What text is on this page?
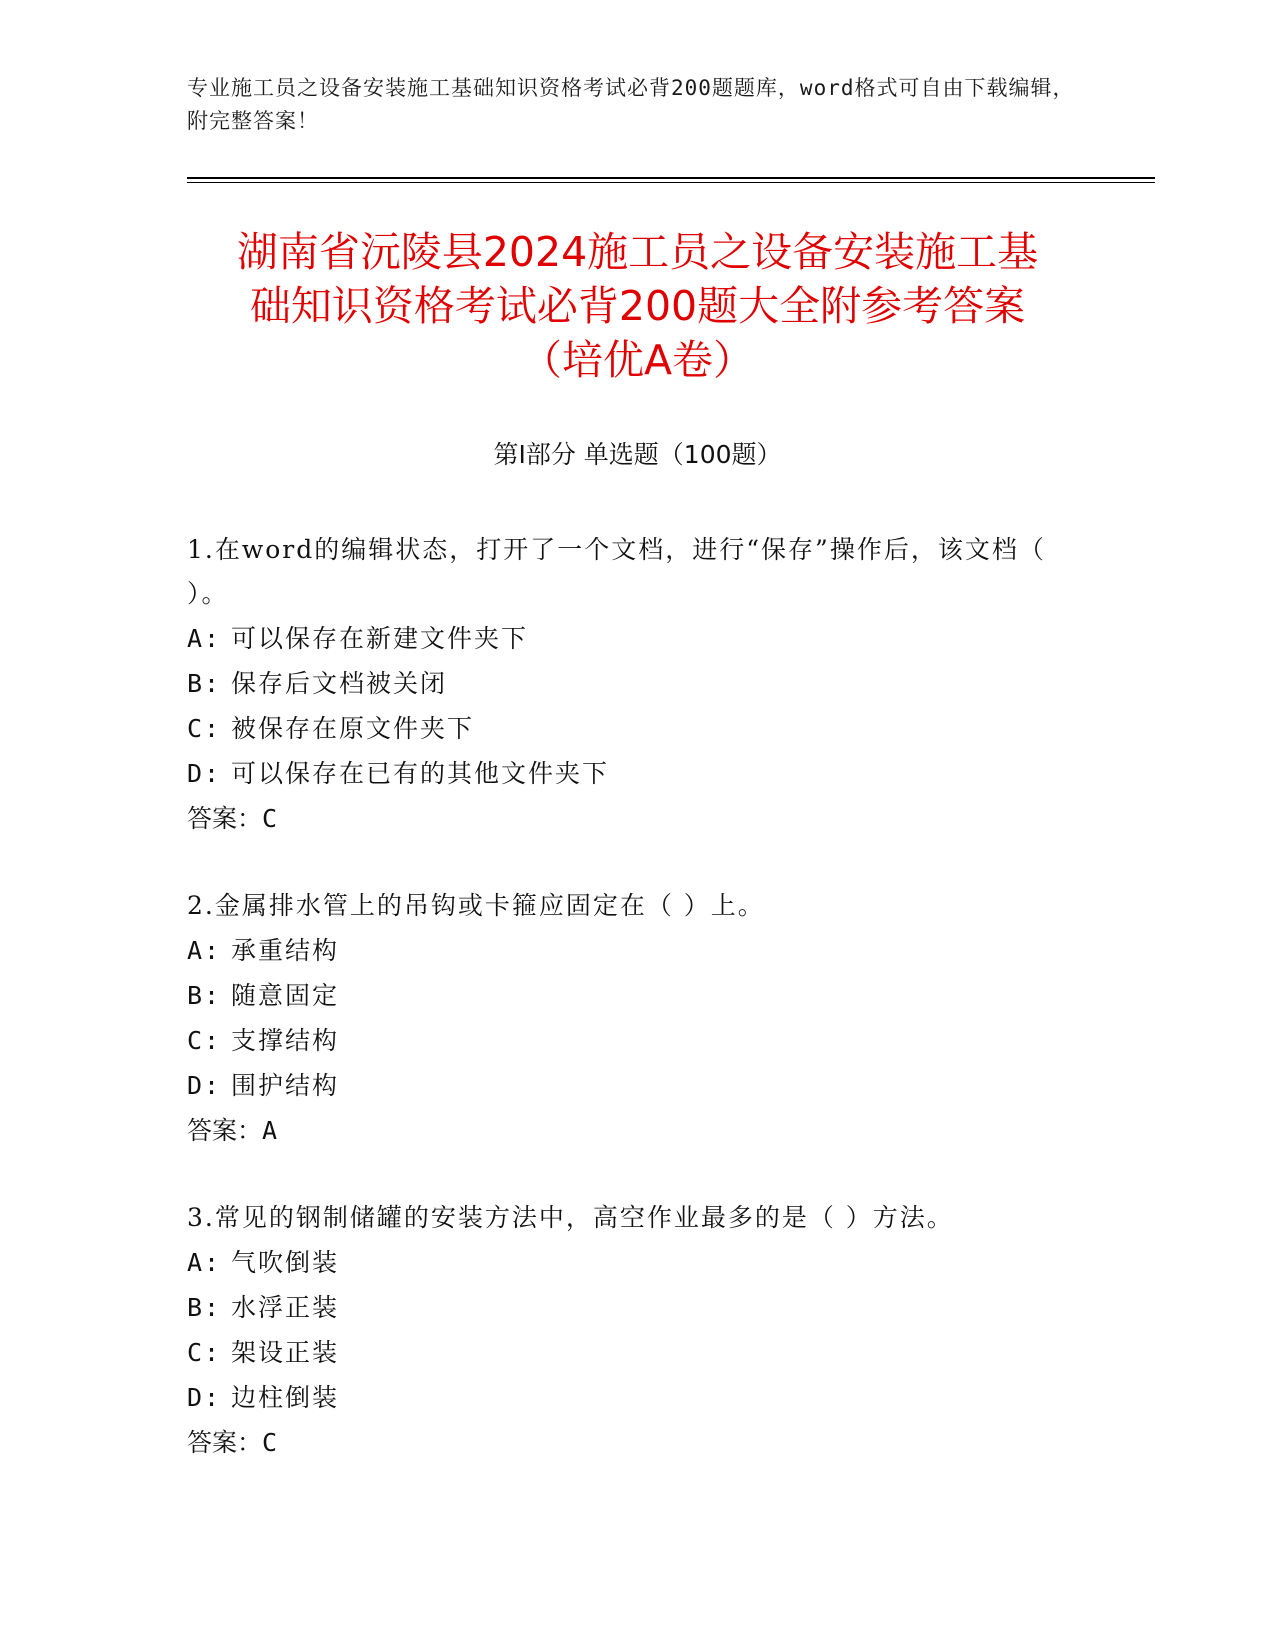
专业施工员之设备安装施工基础知识资格考试必背200题题库，word格式可自由下载编辑，附完整答案！
湖南省沅陵县2024施工员之设备安装施工基
础知识资格考试必背200题大全附参考答案
（培优A卷）
第Ⅰ部分 单选题（100题）

1.在word的编辑状态，打开了一个文档，进行“保存”操作后，该文档（ ）。

A: 可以保存在新建文件夹下
B: 保存后文档被关闭
C: 被保存在原文件夹下
D: 可以保存在已有的其他文件夹下
答案：C

2.金属排水管上的吊钩或卡箍应固定在（ ）上。

A: 承重结构
B: 随意固定
C: 支撑结构
D: 围护结构
答案：A

3.常见的钢制储罐的安装方法中，高空作业最多的是（ ）方法。

A: 气吹倒装
B: 水浮正装
C: 架设正装
D: 边柱倒装
答案：C
